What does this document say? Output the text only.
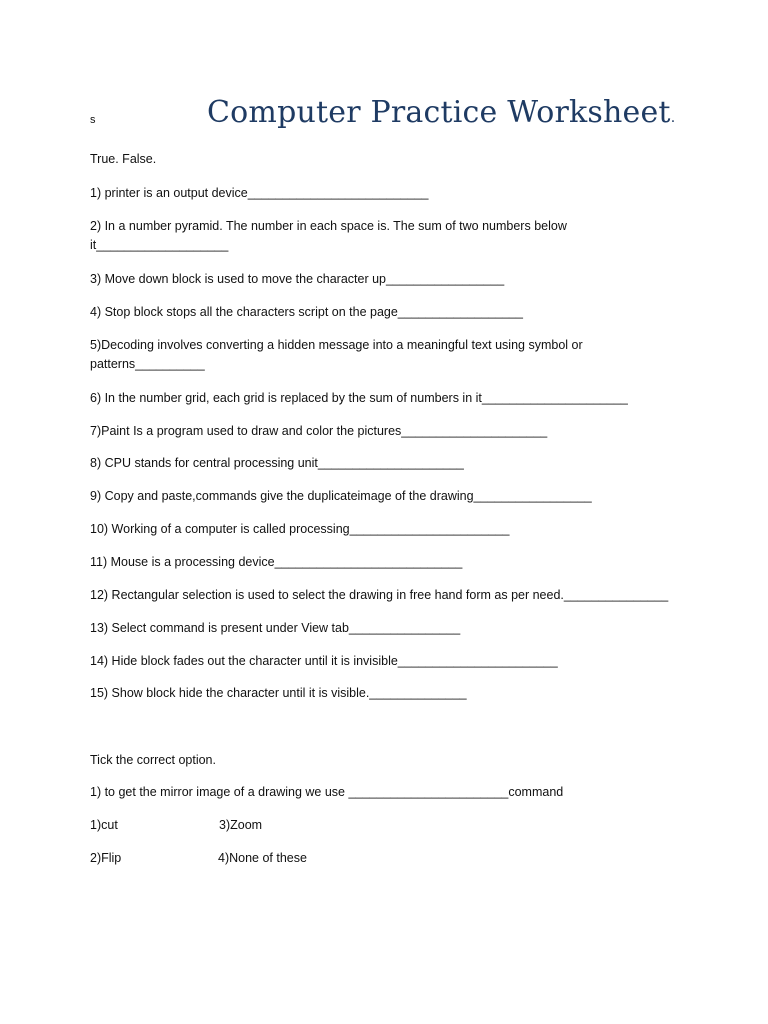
s	Computer Practice Worksheet.
True. False.
1) printer is an output device__________________________
2) In a number pyramid. The number in each space is. The sum of two numbers below it___________________
3) Move down block is used to move the character up_________________
4) Stop block stops all the characters script on the page__________________
5)Decoding involves converting a hidden message into a meaningful text using symbol or patterns__________
6) In the number grid, each grid is replaced by the sum of numbers in it_____________________
7)Paint Is a program used to draw and color the pictures_____________________
8) CPU stands for central processing unit_____________________
9) Copy and paste,commands give the duplicateimage of the drawing_________________
10) Working of a computer is called processing_______________________
11) Mouse is a processing device___________________________
12) Rectangular selection is used to select the drawing in free hand form as per need._______________
13) Select command is present under View tab________________
14) Hide block fades out the character until it is invisible_______________________
15) Show block hide the character until it is visible.______________
Tick the correct option.
1) to get the mirror image of a drawing we use _______________________command
1)cut	3)Zoom
2)Flip	4)None of these
